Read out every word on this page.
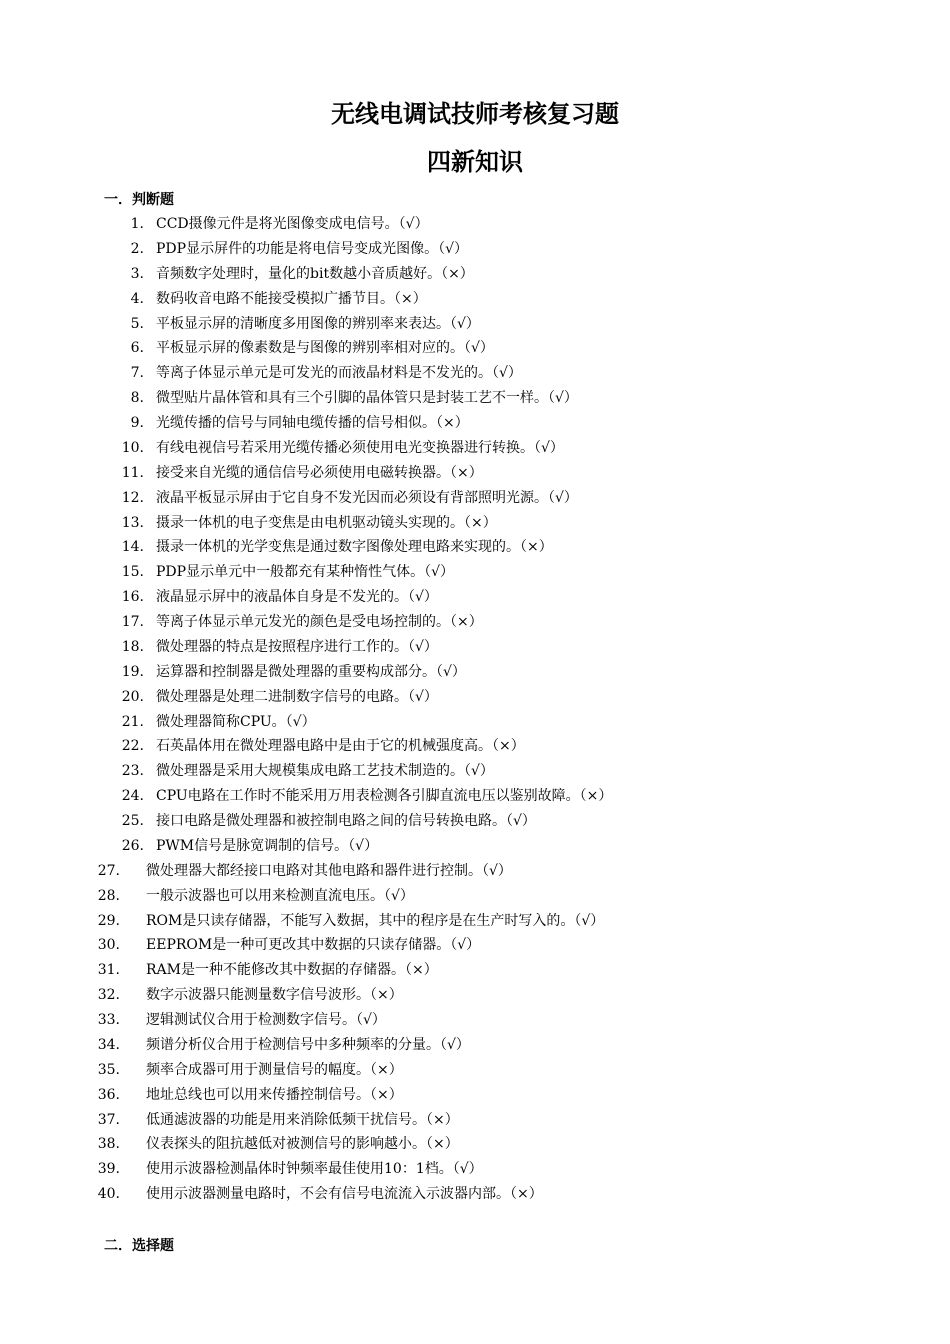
无线电调试技师考核复习题
四新知识
一．判断题
1. CCD摄像元件是将光图像变成电信号。（√）
2. PDP显示屏件的功能是将电信号变成光图像。（√）
3. 音频数字处理时，量化的bit数越小音质越好。（×）
4. 数码收音电路不能接受模拟广播节目。（×）
5. 平板显示屏的清晰度多用图像的辨别率来表达。（√）
6. 平板显示屏的像素数是与图像的辨别率相对应的。（√）
7. 等离子体显示单元是可发光的而液晶材料是不发光的。（√）
8. 微型贴片晶体管和具有三个引脚的晶体管只是封装工艺不一样。（√）
9. 光缆传播的信号与同轴电缆传播的信号相似。（×）
10. 有线电视信号若采用光缆传播必须使用电光变换器进行转换。（√）
11. 接受来自光缆的通信信号必须使用电磁转换器。（×）
12. 液晶平板显示屏由于它自身不发光因而必须设有背部照明光源。（√）
13. 摄录一体机的电子变焦是由电机驱动镜头实现的。（×）
14. 摄录一体机的光学变焦是通过数字图像处理电路来实现的。（×）
15. PDP显示单元中一般都充有某种惰性气体。（√）
16. 液晶显示屏中的液晶体自身是不发光的。（√）
17. 等离子体显示单元发光的颜色是受电场控制的。（×）
18. 微处理器的特点是按照程序进行工作的。（√）
19. 运算器和控制器是微处理器的重要构成部分。（√）
20. 微处理器是处理二进制数字信号的电路。（√）
21. 微处理器简称CPU。（√）
22. 石英晶体用在微处理器电路中是由于它的机械强度高。（×）
23. 微处理器是采用大规模集成电路工艺技术制造的。（√）
24. CPU电路在工作时不能采用万用表检测各引脚直流电压以鉴别故障。（×）
25. 接口电路是微处理器和被控制电路之间的信号转换电路。（√）
26. PWM信号是脉宽调制的信号。（√）
27. 微处理器大都经接口电路对其他电路和器件进行控制。（√）
28. 一般示波器也可以用来检测直流电压。（√）
29. ROM是只读存储器，不能写入数据，其中的程序是在生产时写入的。（√）
30. EEPROM是一种可更改其中数据的只读存储器。（√）
31. RAM是一种不能修改其中数据的存储器。（×）
32. 数字示波器只能测量数字信号波形。（×）
33. 逻辑测试仪合用于检测数字信号。（√）
34. 频谱分析仪合用于检测信号中多种频率的分量。（√）
35. 频率合成器可用于测量信号的幅度。（×）
36. 地址总线也可以用来传播控制信号。（×）
37. 低通滤波器的功能是用来消除低频干扰信号。（×）
38. 仪表探头的阻抗越低对被测信号的影响越小。（×）
39. 使用示波器检测晶体时钟频率最佳使用10：1档。（√）
40. 使用示波器测量电路时，不会有信号电流流入示波器内部。（×）
二．选择题
